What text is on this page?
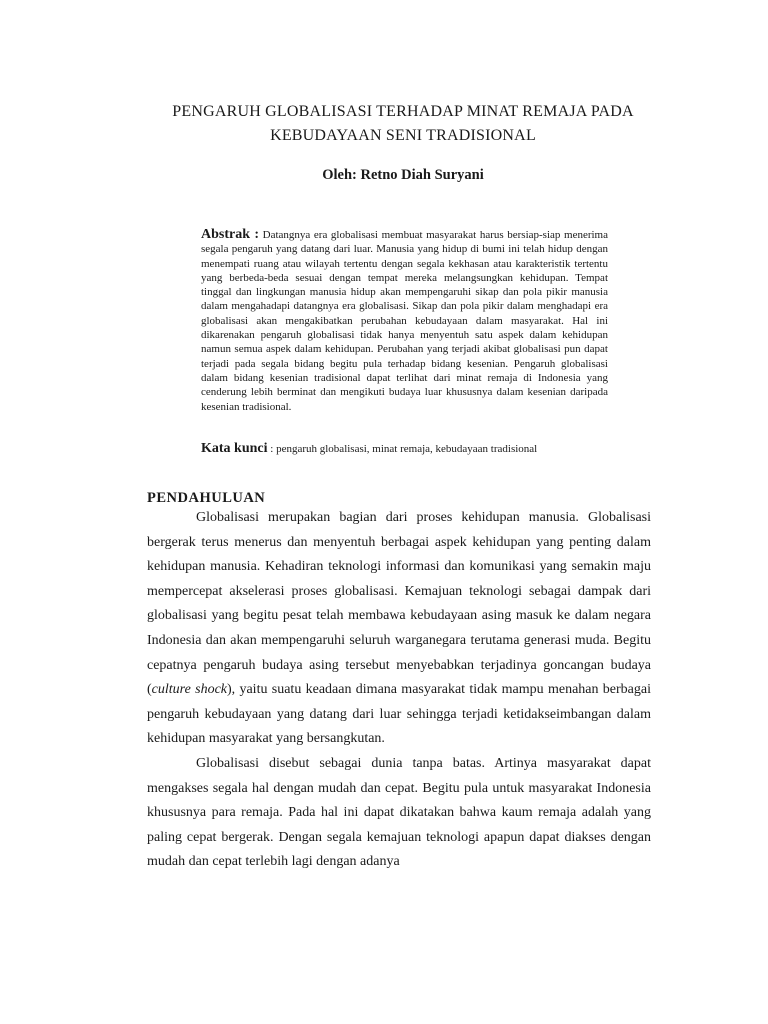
PENGARUH GLOBALISASI TERHADAP MINAT REMAJA PADA
KEBUDAYAAN SENI TRADISIONAL
Oleh: Retno Diah Suryani
Abstrak : Datangnya era globalisasi membuat masyarakat harus bersiap-siap menerima segala pengaruh yang datang dari luar. Manusia yang hidup di bumi ini telah hidup dengan menempati ruang atau wilayah tertentu dengan segala kekhasan atau karakteristik tertentu yang berbeda-beda sesuai dengan tempat mereka melangsungkan kehidupan. Tempat tinggal dan lingkungan manusia hidup akan mempengaruhi sikap dan pola pikir manusia dalam mengahadapi datangnya era globalisasi. Sikap dan pola pikir dalam menghadapi era globalisasi akan mengakibatkan perubahan kebudayaan dalam masyarakat. Hal ini dikarenakan pengaruh globalisasi tidak hanya menyentuh satu aspek dalam kehidupan namun semua aspek dalam kehidupan. Perubahan yang terjadi akibat globalisasi pun dapat terjadi pada segala bidang begitu pula terhadap bidang kesenian. Pengaruh globalisasi dalam bidang kesenian tradisional dapat terlihat dari minat remaja di Indonesia yang cenderung lebih berminat dan mengikuti budaya luar khususnya dalam kesenian daripada kesenian tradisional.
Kata kunci : pengaruh globalisasi, minat remaja, kebudayaan tradisional
PENDAHULUAN

Globalisasi merupakan bagian dari proses kehidupan manusia. Globalisasi bergerak terus menerus dan menyentuh berbagai aspek kehidupan yang penting dalam kehidupan manusia. Kehadiran teknologi informasi dan komunikasi yang semakin maju mempercepat akselerasi proses globalisasi. Kemajuan teknologi sebagai dampak dari globalisasi yang begitu pesat telah membawa kebudayaan asing masuk ke dalam negara Indonesia dan akan mempengaruhi seluruh warganegara terutama generasi muda. Begitu cepatnya pengaruh budaya asing tersebut menyebabkan terjadinya goncangan budaya (culture shock), yaitu suatu keadaan dimana masyarakat tidak mampu menahan berbagai pengaruh kebudayaan yang datang dari luar sehingga terjadi ketidakseimbangan dalam kehidupan masyarakat yang bersangkutan.

Globalisasi disebut sebagai dunia tanpa batas. Artinya masyarakat dapat mengakses segala hal dengan mudah dan cepat. Begitu pula untuk masyarakat Indonesia khususnya para remaja. Pada hal ini dapat dikatakan bahwa kaum remaja adalah yang paling cepat bergerak. Dengan segala kemajuan teknologi apapun dapat diakses dengan mudah dan cepat terlebih lagi dengan adanya
